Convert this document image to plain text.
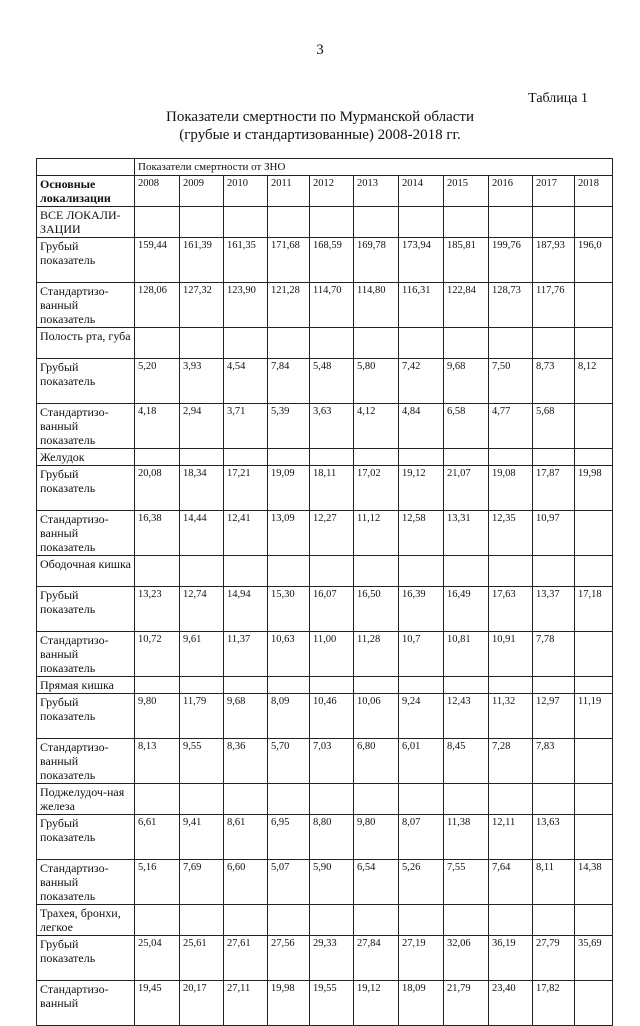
3
Таблица 1
Показатели смертности по Мурманской области
(грубые и стандартизованные) 2008-2018 гг.
	Показатели смертности от ЗНО										
Основные локализации	2008	2009	2010	2011	2012	2013	2014	2015	2016	2017	2018
ВСЕ ЛОКАЛИ-ЗАЦИИ											
Грубый показатель	159,44	161,39	161,35	171,68	168,59	169,78	173,94	185,81	199,76	187,93	196,0
Стандартизо-ванный показатель	128,06	127,32	123,90	121,28	114,70	114,80	116,31	122,84	128,73	117,76	
Полость рта, губа											
Грубый показатель	5,20	3,93	4,54	7,84	5,48	5,80	7,42	9,68	7,50	8,73	8,12
Стандартизо-ванный показатель	4,18	2,94	3,71	5,39	3,63	4,12	4,84	6,58	4,77	5,68	
Желудок											
Грубый показатель	20,08	18,34	17,21	19,09	18,11	17,02	19,12	21,07	19,08	17,87	19,98
Стандартизо-ванный показатель	16,38	14,44	12,41	13,09	12,27	11,12	12,58	13,31	12,35	10,97	
Ободочная кишка											
Грубый показатель	13,23	12,74	14,94	15,30	16,07	16,50	16,39	16,49	17,63	13,37	17,18
Стандартизо-ванный показатель	10,72	9,61	11,37	10,63	11,00	11,28	10,7	10,81	10,91	7,78	
Прямая кишка											
Грубый показатель	9,80	11,79	9,68	8,09	10,46	10,06	9,24	12,43	11,32	12,97	11,19
Стандартизо-ванный показатель	8,13	9,55	8,36	5,70	7,03	6,80	6,01	8,45	7,28	7,83	
Поджелудоч-ная железа											
Грубый показатель	6,61	9,41	8,61	6,95	8,80	9,80	8,07	11,38	12,11	13,63	
Стандартизо-ванный показатель	5,16	7,69	6,60	5,07	5,90	6,54	5,26	7,55	7,64	8,11	14,38
Трахея, бронхи, легкое											
Грубый показатель	25,04	25,61	27,61	27,56	29,33	27,84	27,19	32,06	36,19	27,79	35,69
Стандартизо-ванный	19,45	20,17	27,11	19,98	19,55	19,12	18,09	21,79	23,40	17,82	
